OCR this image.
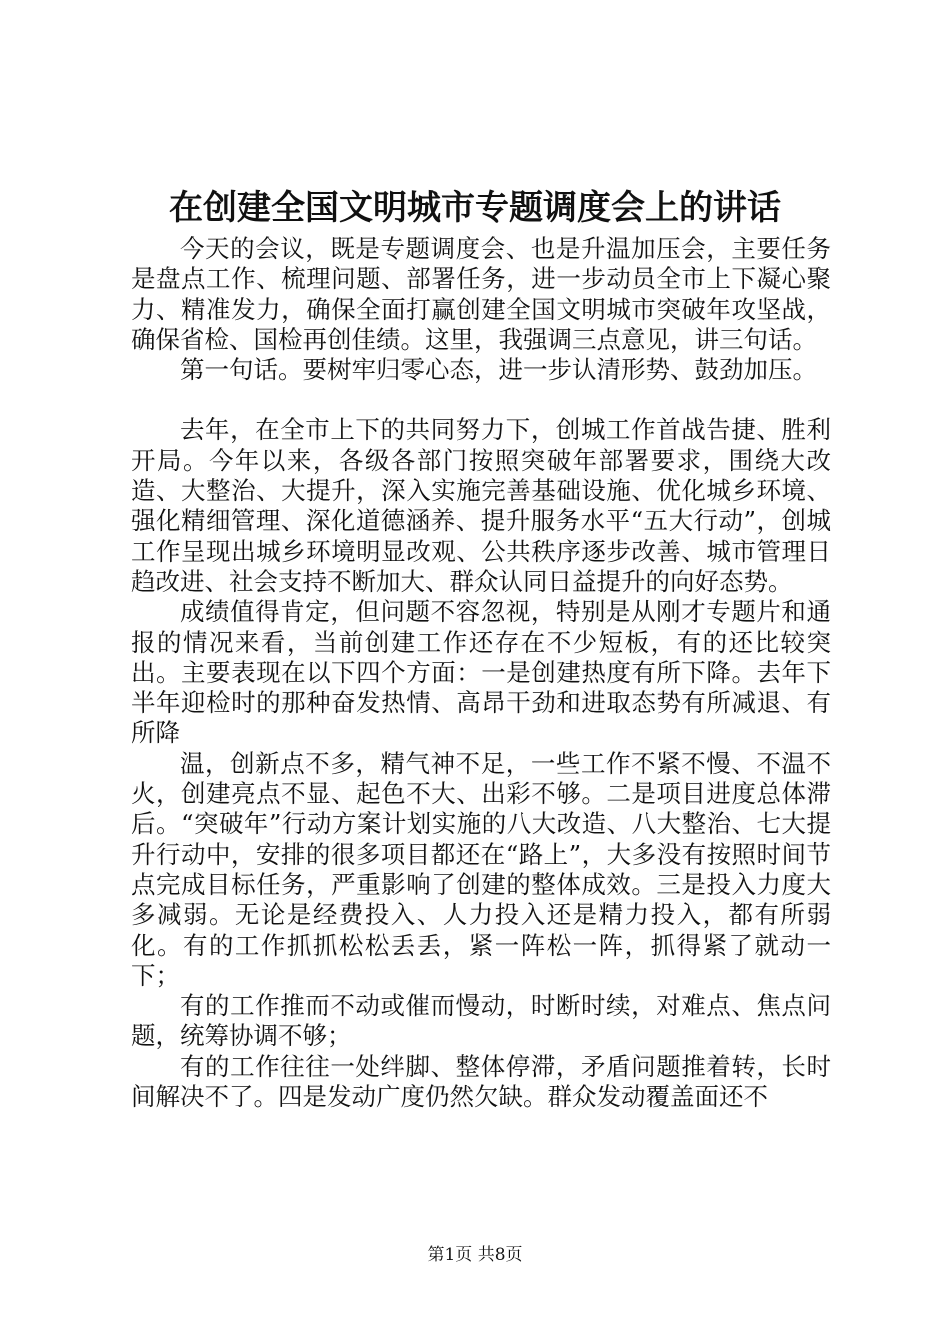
在创建全国文明城市专题调度会上的讲话

今天的会议，既是专题调度会、也是升温加压会，主要任务是盘点工作、梳理问题、部署任务，进一步动员全市上下凝心聚力、精准发力，确保全面打赢创建全国文明城市突破年攻坚战，确保省检、国检再创佳绩。这里，我强调三点意见，讲三句话。

第一句话。要树牢归零心态，进一步认清形势、鼓劲加压。

去年，在全市上下的共同努力下，创城工作首战告捷、胜利开局。今年以来，各级各部门按照突破年部署要求，围绕大改造、大整治、大提升，深入实施完善基础设施、优化城乡环境、强化精细管理、深化道德涵养、提升服务水平“五大行动”，创城工作呈现出城乡环境明显改观、公共秩序逐步改善、城市管理日趋改进、社会支持不断加大、群众认同日益提升的向好态势。

成绩值得肯定，但问题不容忽视，特别是从刚才专题片和通报的情况来看，当前创建工作还存在不少短板，有的还比较突出。主要表现在以下四个方面：一是创建热度有所下降。去年下半年迎检时的那种奋发热情、高昂干劲和进取态势有所减退、有所降

温，创新点不多，精气神不足，一些工作不紧不慢、不温不火，创建亮点不显、起色不大、出彩不够。二是项目进度总体滞后。“突破年”行动方案计划实施的八大改造、八大整治、七大提升行动中，安排的很多项目都还在“路上”，大多没有按照时间节点完成目标任务，严重影响了创建的整体成效。三是投入力度大多减弱。无论是经费投入、人力投入还是精力投入，都有所弱化。有的工作抓抓松松丢丢，紧一阵松一阵，抓得紧了就动一下；

有的工作推而不动或催而慢动，时断时续，对难点、焦点问题，统筹协调不够；

有的工作往往一处绊脚、整体停滞，矛盾问题推着转，长时间解决不了。四是发动广度仍然欠缺。群众发动覆盖面还不

第1页 共8页
